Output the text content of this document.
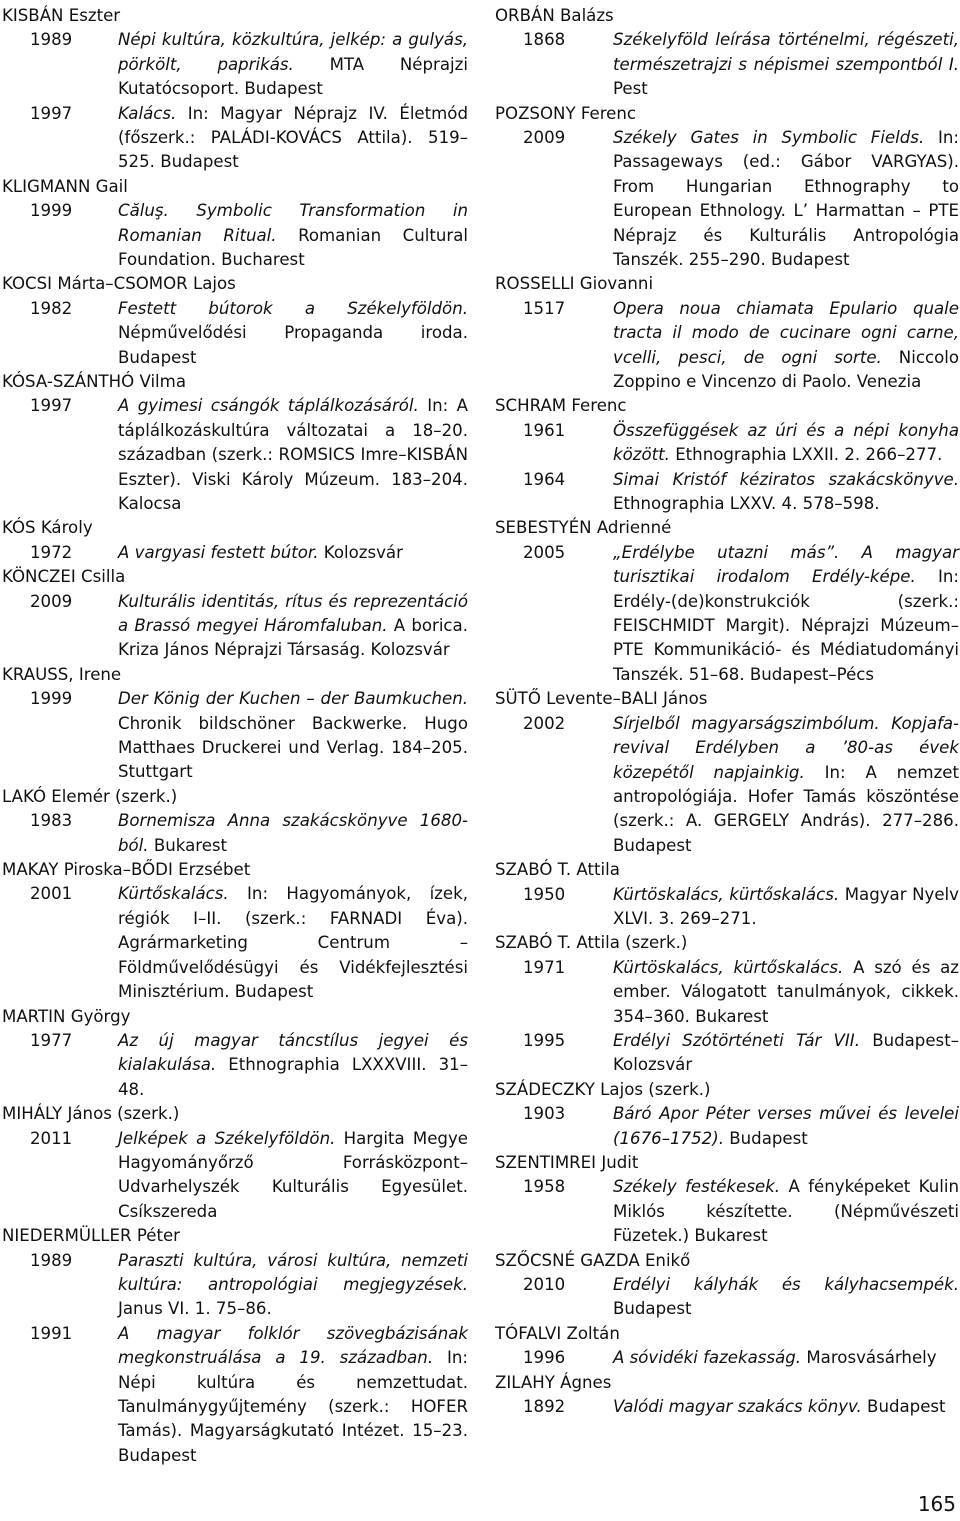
KISBÁN Eszter
1989	Népi kultúra, közkultúra, jelkép: a gulyás, pörkölt, paprikás. MTA Néprajzi Kutatócsoport. Budapest
1997	Kalács. In: Magyar Néprajz IV. Életmód (főszerk.: PALÁDI-KOVÁCS Attila). 519–525. Budapest
KLIGMANN Gail
1999	Căluş. Symbolic Transformation in Romanian Ritual. Romanian Cultural Foundation. Bucharest
KOCSI Márta–CSOMOR Lajos
1982	Festett bútorok a Székelyföldön. Népművelődési Propaganda iroda. Budapest
KÓSA-SZÁNTHÓ Vilma
1997	A gyimesi csángók táplálkozásáról. In: A táplálkozáskultúra változatai a 18–20. században (szerk.: ROMSICS Imre–KISBÁN Eszter). Viski Károly Múzeum. 183–204. Kalocsa
KÓS Károly
1972	A vargyasi festett bútor. Kolozsvár
KÖNCZEI Csilla
2009	Kulturális identitás, rítus és reprezentáció a Brassó megyei Háromfaluban. A borica. Kriza János Néprajzi Társaság. Kolozsvár
KRAUSS, Irene
1999	Der König der Kuchen – der Baumkuchen. Chronik bildschöner Backwerke. Hugo Matthaes Druckerei und Verlag. 184–205. Stuttgart
LAKÓ Elemér (szerk.)
1983	Bornemisza Anna szakácskönyve 1680-ból. Bukarest
MAKAY Piroska–BŐDI Erzsébet
2001	Kürtőskalács. In: Hagyományok, ízek, régiók I–II. (szerk.: FARNADI Éva). Agrármarketing Centrum – Földművelődésügyi és Vidékfejlesztési Minisztérium. Budapest
MARTIN György
1977	Az új magyar táncstílus jegyei és kialakulása. Ethnographia LXXXVIII. 31–48.
MIHÁLY János (szerk.)
2011	Jelképek a Székelyföldön. Hargita Megye Hagyományőrző Forrásközpont–Udvarhelyszék Kulturális Egyesület. Csíkszereda
NIEDERMÜLLER Péter
1989	Paraszti kultúra, városi kultúra, nemzeti kultúra: antropológiai megjegyzések. Janus VI. 1. 75–86.
1991	A magyar folklór szövegbázisának megkonstruálása a 19. században. In: Népi kultúra és nemzettudat. Tanulmánygyűjtemény (szerk.: HOFER Tamás). Magyarságkutató Intézet. 15–23. Budapest
ORBÁN Balázs
1868	Székelyföld leírása történelmi, régészeti, természetrajzi s népismei szempontból I. Pest
POZSONY Ferenc
2009	Székely Gates in Symbolic Fields. In: Passageways (ed.: Gábor VARGYAS). From Hungarian Ethnography to European Ethnology. L’ Harmattan – PTE Néprajz és Kulturális Antropológia Tanszék. 255–290. Budapest
ROSSELLI Giovanni
1517	Opera noua chiamata Epulario quale tracta il modo de cucinare ogni carne, vcelli, pesci, de ogni sorte. Niccolo Zoppino e Vincenzo di Paolo. Venezia
SCHRAM Ferenc
1961	Összefüggések az úri és a népi konyha között. Ethnographia LXXII. 2. 266–277.
1964	Simai Kristóf kéziratos szakácskönyve. Ethnographia LXXV. 4. 578–598.
SEBESTYÉN Adrienné
2005	„Erdélybe utazni más”. A magyar turisztikai irodalom Erdély-képe. In: Erdély-(de)konstrukciók (szerk.: FEISCHMIDT Margit). Néprajzi Múzeum–PTE Kommunikáció- és Médiatudományi Tanszék. 51–68. Budapest–Pécs
SÜTŐ Levente–BALI János
2002	Sírjelből magyarságszimbólum. Kopjafa-revival Erdélyben a ’80-as évek közepétől napjainkig. In: A nemzet antropológiája. Hofer Tamás köszöntése (szerk.: A. GERGELY András). 277–286. Budapest
SZABÓ T. Attila
1950	Kürtöskalács, kürtőskalács. Magyar Nyelv XLVI. 3. 269–271.
SZABÓ T. Attila (szerk.)
1971	Kürtöskalács, kürtőskalács. A szó és az ember. Válogatott tanulmányok, cikkek. 354–360. Bukarest
1995	Erdélyi Szótörténeti Tár VII. Budapest–Kolozsvár
SZÁDECZKY Lajos (szerk.)
1903	Báró Apor Péter verses művei és levelei (1676–1752). Budapest
SZENTIMREI Judit
1958	Székely festékesek. A fényképeket Kulin Miklós készítette. (Népművészeti Füzetek.) Bukarest
SZŐCSNÉ GAZDA Enikő
2010	Erdélyi kályhák és kályhacsempék. Budapest
TÓFALVI Zoltán
1996	A sóvidéki fazekasság. Marosvásárhely
ZILAHY Ágnes
1892	Valódi magyar szakács könyv. Budapest
165
